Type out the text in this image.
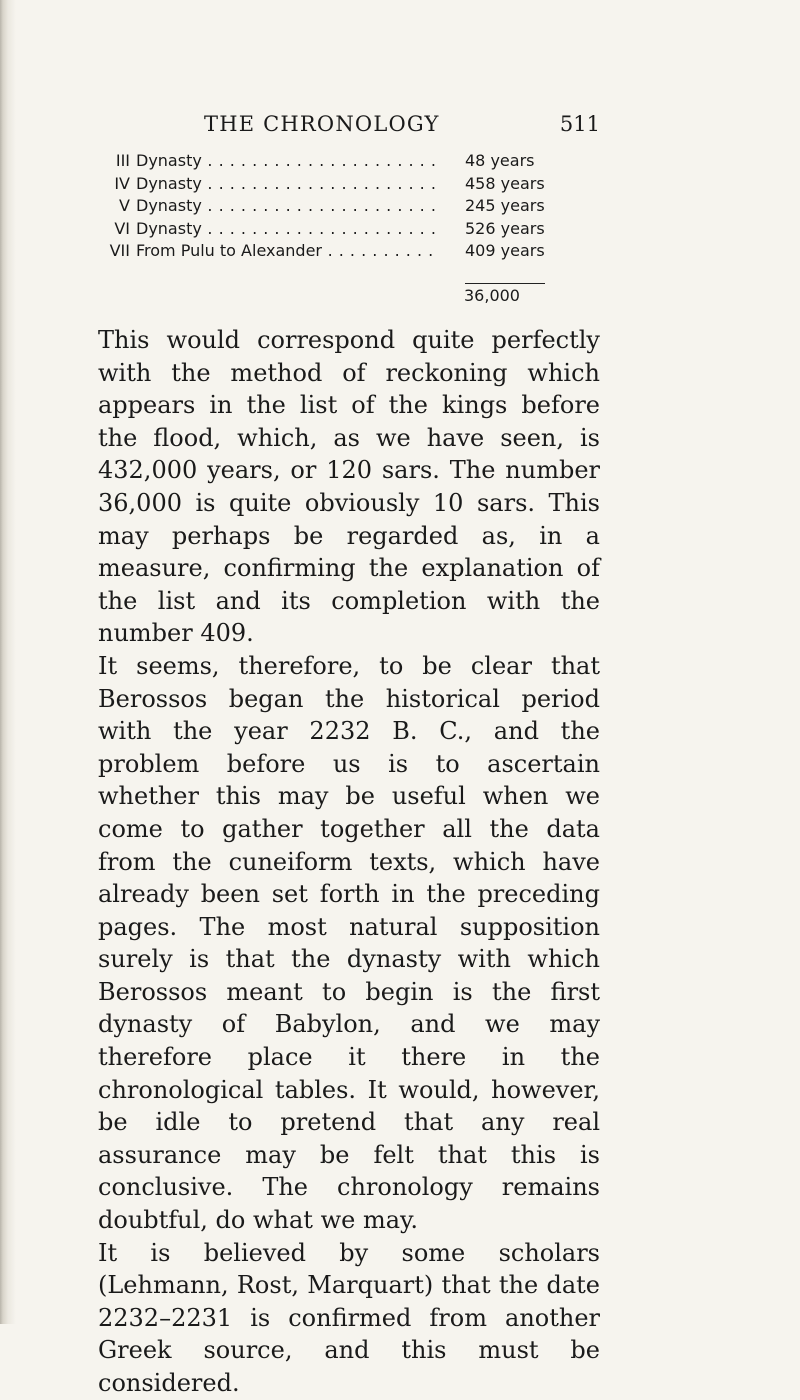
THE CHRONOLOGY	511
III Dynasty . . .	48 years
IV Dynasty . . .	458 years
V Dynasty . . .	245 years
VI Dynasty . . .	526 years
VII From Pulu to Alexander . . .	409 years
36,000

This would correspond quite perfectly with the method of reckoning which appears in the list of the kings before the flood, which, as we have seen, is 432,000 years, or 120 sars. The number 36,000 is quite obviously 10 sars. This may perhaps be regarded as, in a measure, confirming the explanation of the list and its completion with the number 409.

It seems, therefore, to be clear that Berossos began the historical period with the year 2232 B. C., and the problem before us is to ascertain whether this may be useful when we come to gather together all the data from the cuneiform texts, which have already been set forth in the preceding pages. The most natural supposition surely is that the dynasty with which Berossos meant to begin is the first dynasty of Babylon, and we may therefore place it there in the chronological tables. It would, however, be idle to pretend that any real assurance may be felt that this is conclusive. The chronology remains doubtful, do what we may.

It is believed by some scholars (Lehmann, Rost, Marquart) that the date 2232–2231 is confirmed from another Greek source, and this must be considered.
